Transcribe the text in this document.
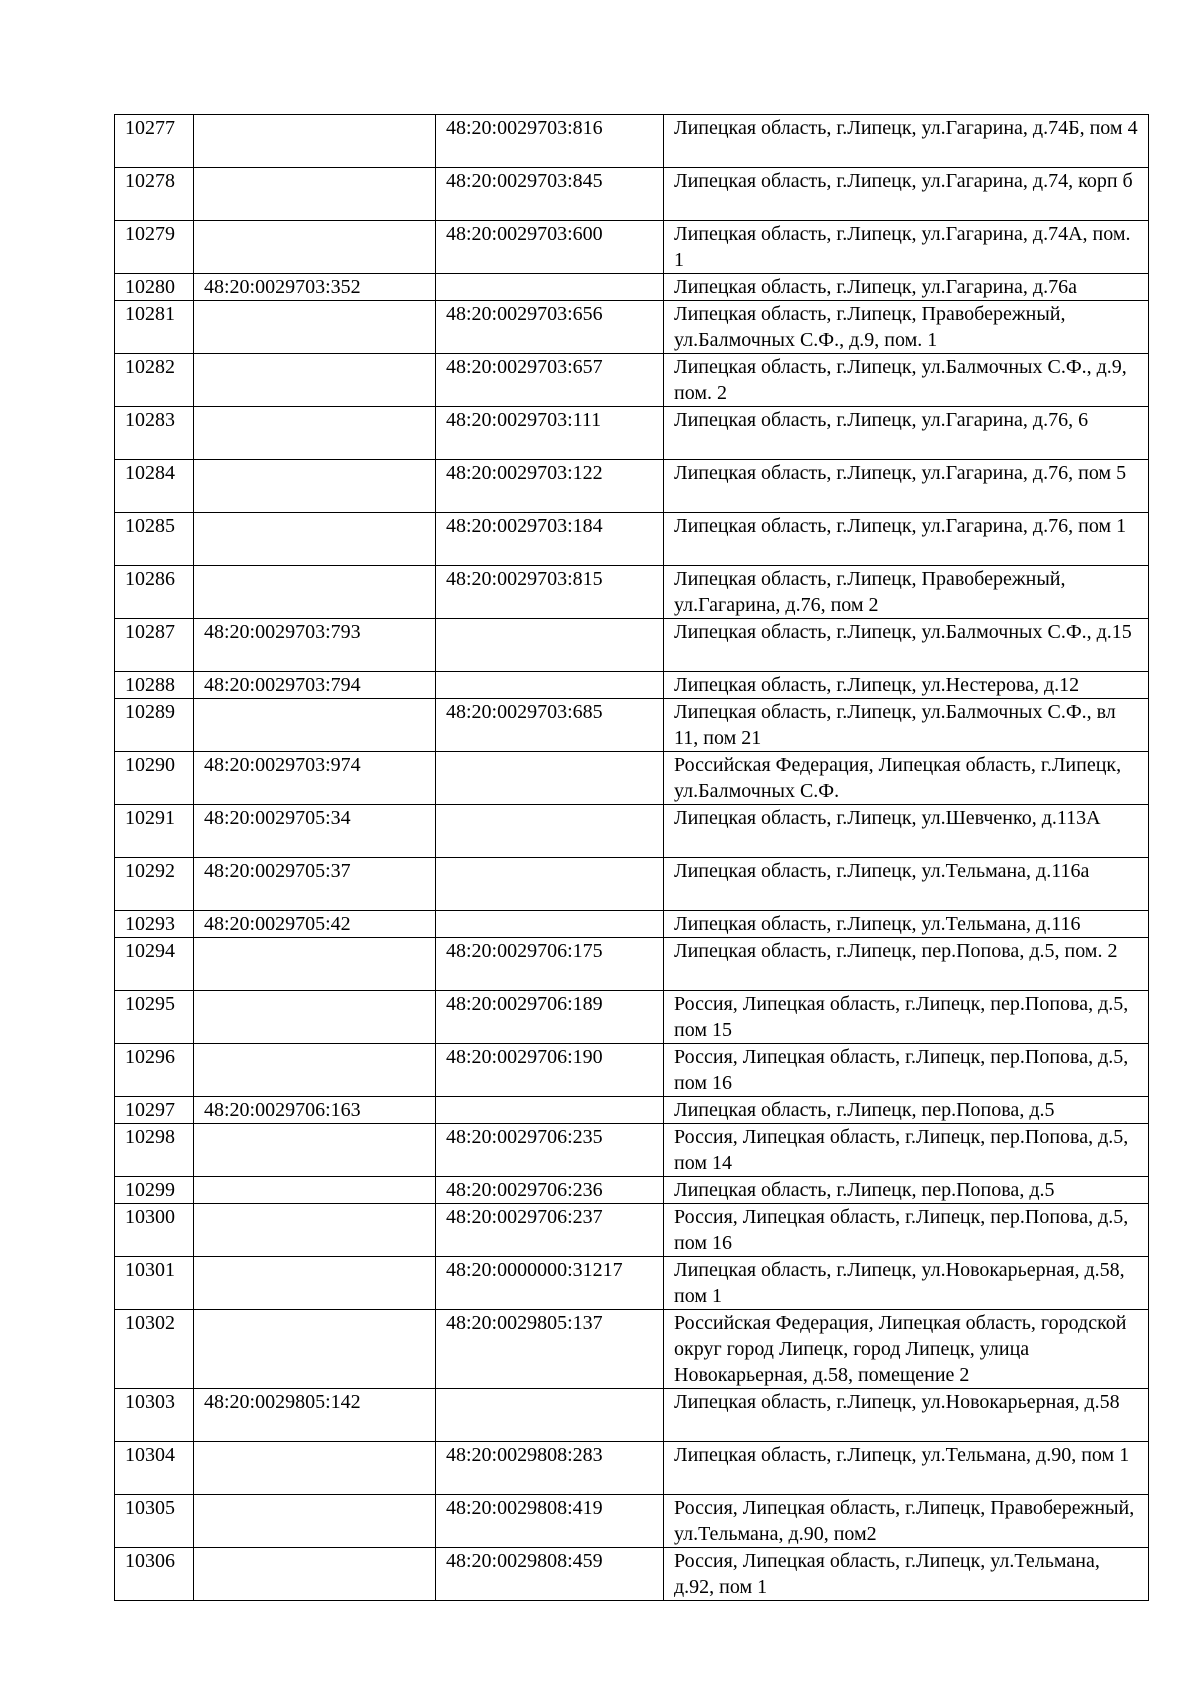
10277		48:20:0029703:816	Липецкая область, г.Липецк, ул.Гагарина, д.74Б, пом 4
10278		48:20:0029703:845	Липецкая область, г.Липецк, ул.Гагарина, д.74, корп б
10279		48:20:0029703:600	Липецкая область, г.Липецк, ул.Гагарина, д.74А, пом. 1
10280	48:20:0029703:352		Липецкая область, г.Липецк, ул.Гагарина, д.76а
10281		48:20:0029703:656	Липецкая область, г.Липецк, Правобережный, ул.Балмочных С.Ф., д.9, пом. 1
10282		48:20:0029703:657	Липецкая область, г.Липецк, ул.Балмочных С.Ф., д.9, пом. 2
10283		48:20:0029703:111	Липецкая область, г.Липецк, ул.Гагарина, д.76, 6
10284		48:20:0029703:122	Липецкая область, г.Липецк, ул.Гагарина, д.76, пом 5
10285		48:20:0029703:184	Липецкая область, г.Липецк, ул.Гагарина, д.76, пом 1
10286		48:20:0029703:815	Липецкая область, г.Липецк, Правобережный, ул.Гагарина, д.76, пом 2
10287	48:20:0029703:793		Липецкая область, г.Липецк, ул.Балмочных С.Ф., д.15
10288	48:20:0029703:794		Липецкая область, г.Липецк, ул.Нестерова, д.12
10289		48:20:0029703:685	Липецкая область, г.Липецк, ул.Балмочных С.Ф., вл 11, пом 21
10290	48:20:0029703:974		Российская Федерация, Липецкая область, г.Липецк, ул.Балмочных С.Ф.
10291	48:20:0029705:34		Липецкая область, г.Липецк, ул.Шевченко, д.113А
10292	48:20:0029705:37		Липецкая область, г.Липецк, ул.Тельмана, д.116а
10293	48:20:0029705:42		Липецкая область, г.Липецк, ул.Тельмана, д.116
10294		48:20:0029706:175	Липецкая область, г.Липецк, пер.Попова, д.5, пом. 2
10295		48:20:0029706:189	Россия, Липецкая область, г.Липецк, пер.Попова, д.5, пом 15
10296		48:20:0029706:190	Россия, Липецкая область, г.Липецк, пер.Попова, д.5, пом 16
10297	48:20:0029706:163		Липецкая область, г.Липецк, пер.Попова, д.5
10298		48:20:0029706:235	Россия, Липецкая область, г.Липецк, пер.Попова, д.5, пом 14
10299		48:20:0029706:236	Липецкая область, г.Липецк, пер.Попова, д.5
10300		48:20:0029706:237	Россия, Липецкая область, г.Липецк, пер.Попова, д.5, пом 16
10301		48:20:0000000:31217	Липецкая область, г.Липецк, ул.Новокарьерная, д.58, пом 1
10302		48:20:0029805:137	Российская Федерация, Липецкая область, городской округ город Липецк, город Липецк, улица Новокарьерная, д.58, помещение 2
10303	48:20:0029805:142		Липецкая область, г.Липецк, ул.Новокарьерная, д.58
10304		48:20:0029808:283	Липецкая область, г.Липецк, ул.Тельмана, д.90, пом 1
10305		48:20:0029808:419	Россия, Липецкая область, г.Липецк, Правобережный, ул.Тельмана, д.90, пом2
10306		48:20:0029808:459	Россия, Липецкая область, г.Липецк, ул.Тельмана, д.92, пом 1
